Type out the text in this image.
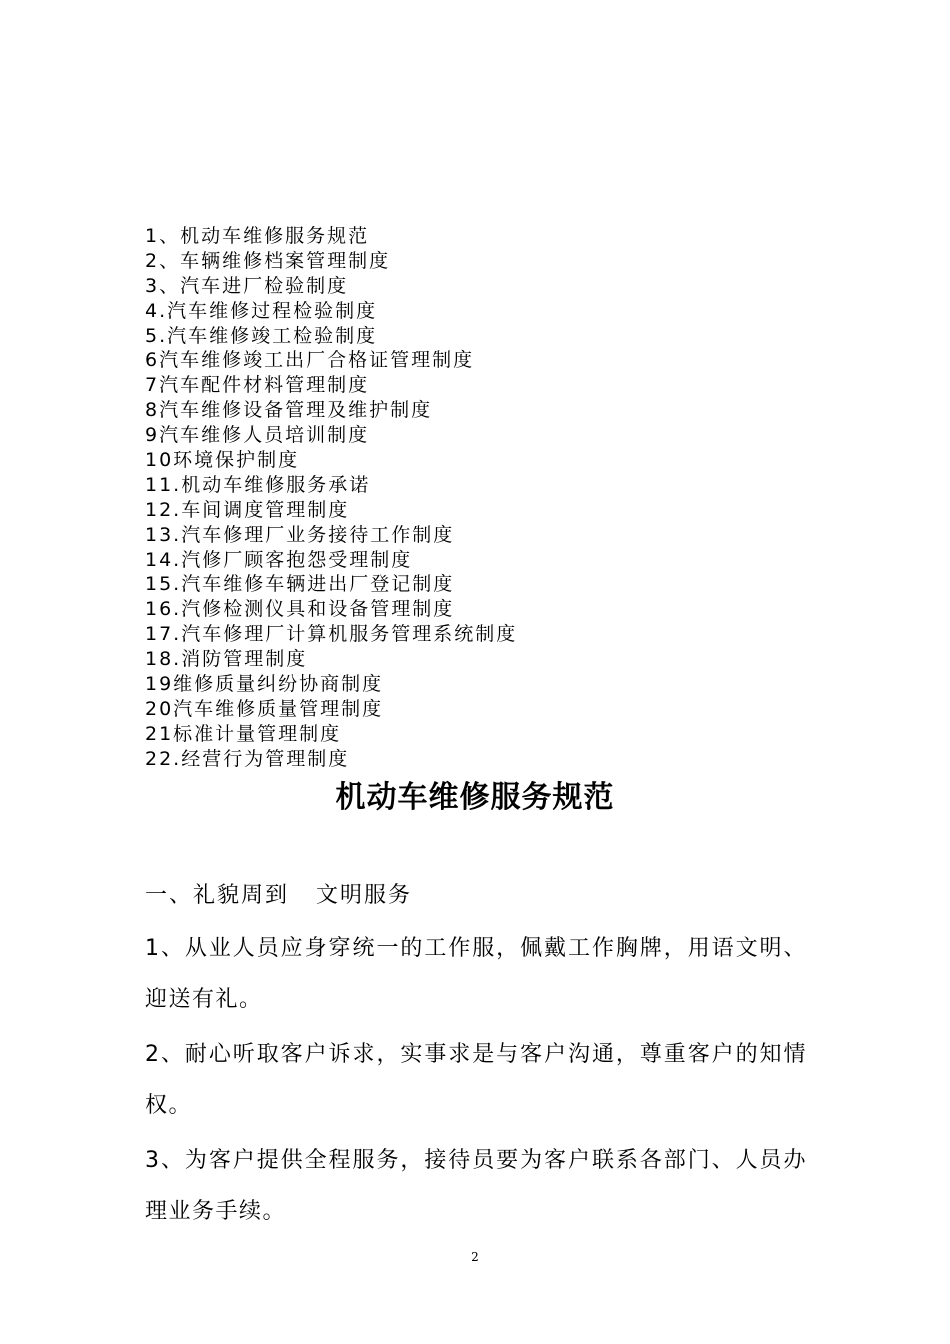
1、机动车维修服务规范
2、车辆维修档案管理制度
3、汽车进厂检验制度
4.汽车维修过程检验制度
5.汽车维修竣工检验制度
6汽车维修竣工出厂合格证管理制度
7汽车配件材料管理制度
8汽车维修设备管理及维护制度
9汽车维修人员培训制度
10环境保护制度
11.机动车维修服务承诺
12.车间调度管理制度
13.汽车修理厂业务接待工作制度
14.汽修厂顾客抱怨受理制度
15.汽车维修车辆进出厂登记制度
16.汽修检测仪具和设备管理制度
17.汽车修理厂计算机服务管理系统制度
18.消防管理制度
19维修质量纠纷协商制度
20汽车维修质量管理制度
21标准计量管理制度
22.经营行为管理制度
机动车维修服务规范
一、礼貌周到   文明服务

1、从业人员应身穿统一的工作服，佩戴工作胸牌，用语文明、迎送有礼。

2、耐心听取客户诉求，实事求是与客户沟通，尊重客户的知情权。

3、为客户提供全程服务，接待员要为客户联系各部门、人员办理业务手续。

2
